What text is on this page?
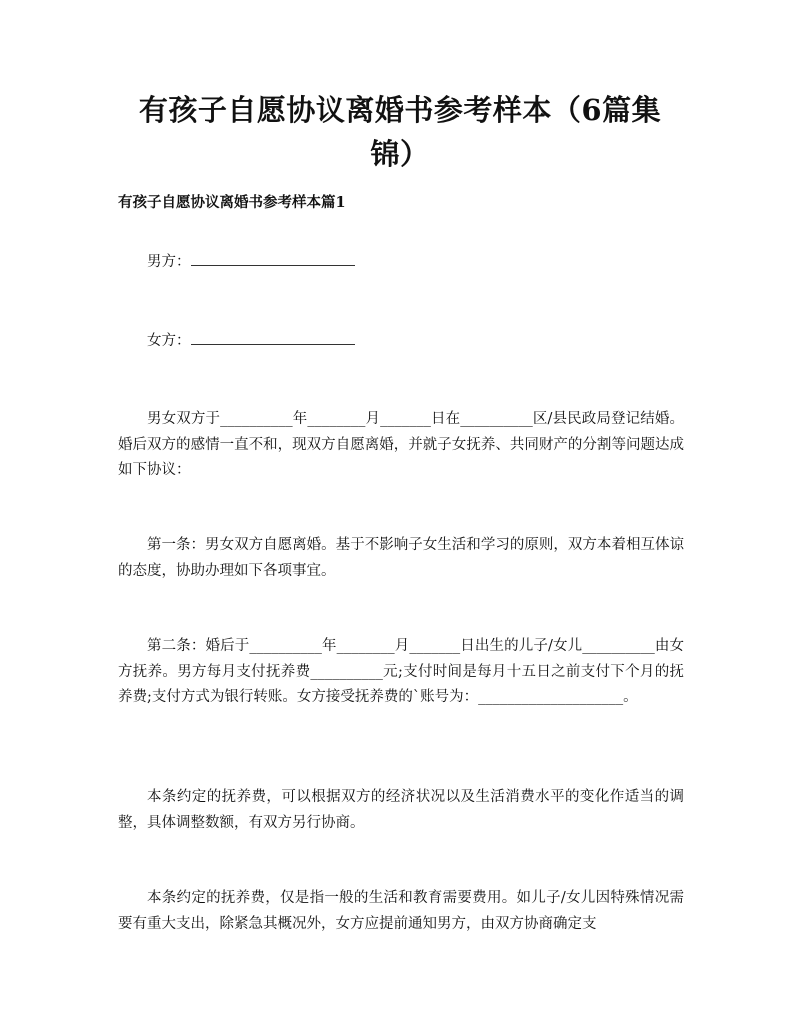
有孩子自愿协议离婚书参考样本（6篇集锦）
有孩子自愿协议离婚书参考样本篇1

男方：

女方：

男女双方于__________年________月_______日在__________区/县民政局登记结婚。婚后双方的感情一直不和，现双方自愿离婚，并就子女抚养、共同财产的分割等问题达成如下协议：

第一条：男女双方自愿离婚。基于不影响子女生活和学习的原则，双方本着相互体谅的态度，协助办理如下各项事宜。

第二条：婚后于__________年________月_______日出生的儿子/女儿__________由女方抚养。男方每月支付抚养费__________元;支付时间是每月十五日之前支付下个月的抚养费;支付方式为银行转账。女方接受抚养费的`账号为：____________________。

本条约定的抚养费，可以根据双方的经济状况以及生活消费水平的变化作适当的调整，具体调整数额，有双方另行协商。

本条约定的抚养费，仅是指一般的生活和教育需要费用。如儿子/女儿因特殊情况需要有重大支出，除紧急其概况外，女方应提前通知男方，由双方协商确定支
